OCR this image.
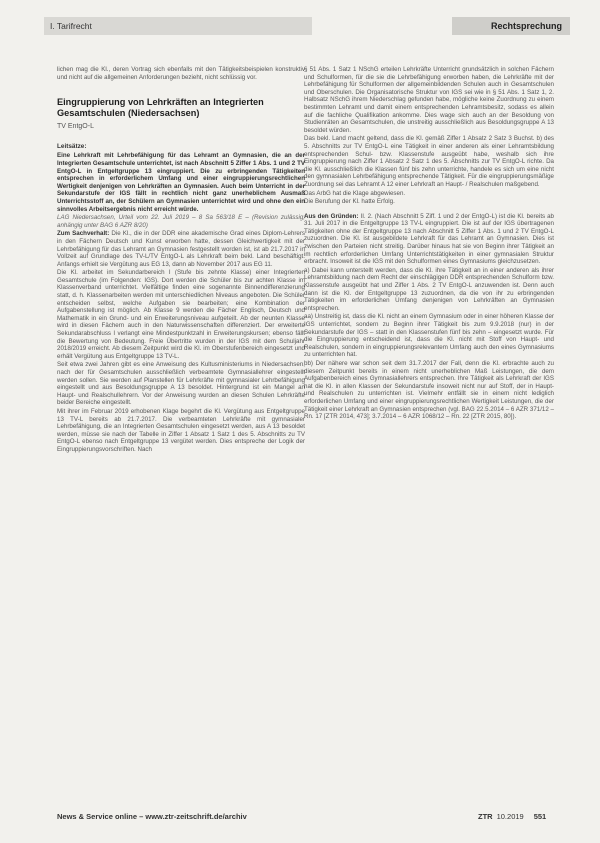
I. Tarifrecht	Rechtsprechung

lichen mag die Kl., deren Vortrag sich ebenfalls mit den Tätigkeitsbeispielen konstruktiv und nicht auf die allgemeinen Anforderungen bezieht, nicht schlüssig vor.

Eingruppierung von Lehrkräften an Integrierten Gesamtschulen (Niedersachsen)
TV EntgO-L
Leitsätze:

Eine Lehrkraft mit Lehrbefähigung für das Lehramt an Gymnasien, die an der Integrierten Gesamtschule unterrichtet, ist nach Abschnitt 5 Ziffer 1 Abs. 1 und 2 TV EntgO-L in Entgeltgruppe 13 eingruppiert. Die zu erbringenden Tätigkeiten entsprechen in erforderlichem Umfang und einer eingruppierungsrechtlichen Wertigkeit denjenigen von Lehrkräften an Gymnasien. Auch beim Unterricht in der Sekundarstufe der IGS fällt in rechtlich nicht ganz unerheblichem Ausmaß Unterrichtsstoff an, der Schülern an Gymnasien unterrichtet wird und ohne den ein sinnvolles Arbeitsergebnis nicht erreicht würde.

LAG Niedersachsen, Urteil vom 22. Juli 2019 – 8 Sa 563/18 E – (Revision zulässig; anhängig unter BAG 6 AZR 8/20)

Zum Sachverhalt: Die Kl., die in der DDR eine akademische Grad eines Diplom-Lehrers in den Fächern Deutsch und Kunst erworben hatte, dessen Gleichwertigkeit mit der Lehrbefähigung für das Lehramt an Gymnasien festgestellt worden ist, ist ab 21.7.2017 in Vollzeit auf Grundlage des TV-L/TV EntgO-L als Lehrkraft beim bekl. Land beschäftigt. Anfangs erhielt sie Vergütung aus EG 13, dann ab November 2017 aus EG 11.

Die Kl. arbeitet im Sekundarbereich I (Stufe bis zehnte Klasse) einer Integrierten Gesamtschule (im Folgenden: IGS). Dort werden die Schüler bis zur achten Klasse im Klassenverband unterrichtet. Vielfältige finden eine sogenannte Binnendifferenzierung statt, d. h. Klassenarbeiten werden mit unterschiedlichen Niveaus angeboten. Die Schüler entscheiden selbst, welche Aufgaben sie bearbeiten; eine Kombination der Aufgabenstellung ist möglich. Ab Klasse 9 werden die Fächer Englisch, Deutsch und Mathematik in ein Grund- und ein Erweiterungsniveau aufgeteilt. Ab der neunten Klasse wird in diesen Fächern auch in den Naturwissenschaften differenziert. Der erweiterte Sekundarabschluss I verlangt eine Mindestpunktzahl in Erweiterungskursen; ebenso fällt die Bewertung von Bedeutung. Freie Übertritte wurden in der IGS mit dem Schuljahr 2018/2019 erreicht. Ab diesem Zeitpunkt wird die Kl. im Oberstufenbereich eingesetzt und erhält Vergütung aus Entgeltgruppe 13 TV-L.

Seit etwa zwei Jahren gibt es eine Anweisung des Kultusministeriums in Niedersachsen, nach der für Gesamtschulen ausschließlich verbeamtete Gymnasiallehrer eingestellt werden sollen. Sie werden auf Planstellen für Lehrkräfte mit gymnasialer Lehrbefähigung eingestellt und aus Besoldungsgruppe A 13 besoldet. Hintergrund ist ein Mangel an Haupt- und Realschullehrern. Vor der Anweisung wurden an diesen Schulen Lehrkräfte beider Bereiche eingestellt.

Mit ihrer im Februar 2019 erhobenen Klage begehrt die Kl. Vergütung aus Entgeltgruppe 13 TV-L bereits ab 21.7.2017. Die verbeamteten Lehrkräfte mit gymnasialer Lehrbefähigung, die an Integrierten Gesamtschulen eingesetzt werden, aus A 13 besoldet werden, müsse sie nach der Tabelle in Ziffer 1 Absatz 1 Satz 1 des 5. Abschnitts zu TV EntgO-L ebenso nach Entgeltgruppe 13 vergütet werden. Dies entspreche der Logik der Eingruppierungsvorschriften. Nach

§ 51 Abs. 1 Satz 1 NSchG erteilen Lehrkräfte Unterricht grundsätzlich in solchen Fächern und Schulformen, für die sie die Lehrbefähigung erworben haben, die Lehrkräfte mit der Lehrbefähigung für Schulformen der allgemeinbildenden Schulen auch in Gesamtschulen und Oberschulen. Die Organisatorische Struktur von IGS sei wie in § 51 Abs. 1 Satz 1, 2. Halbsatz NSchG ihrem Niederschlag gefunden habe, mögliche keine Zuordnung zu einem bestimmten Lehramt und damit einem entsprechenden Lehramtsbesitz, sodass es allein auf die fachliche Qualifikation ankomme. Dies wage sich auch an der Besoldung von Studienräten an Gesamtschulen, die unstreitig ausschließlich aus Besoldungsgruppe A 13 besoldet würden.

Das bekl. Land macht geltend, dass die Kl. gemäß Ziffer 1 Absatz 2 Satz 3 Buchst. b) des 5. Abschnitts zur TV EntgO-L eine Tätigkeit in einer anderen als einer Lehramtsbildung entsprechenden Schul- bzw. Klassenstufe ausgeübt habe, weshalb sich ihre Eingruppierung nach Ziffer 1 Absatz 2 Satz 1 des 5. Abschnitts zur TV EntgO-L richte. Da die Kl. ausschließlich die Klassen fünf bis zehn unterrichte, handele es sich um eine nicht den gymnasialen Lehrbefähigung entsprechende Tätigkeit. Für die eingruppierungsmäßige Zuordnung sei das Lehramt A 12 einer Lehrkraft an Haupt- / Realschulen maßgebend.

Das ArbG hat die Klage abgewiesen.

Die Berufung der Kl. hatte Erfolg.

Aus den Gründen: II. 2. (Nach Abschnitt 5 Ziff. 1 und 2 der EntgO-L) ist die Kl. bereits ab 31. Juli 2017 in die Entgeltgruppe 13 TV-L eingruppiert. Die ist auf der IGS übertragenen Tätigkeiten ohne der Entgeltgruppe 13 nach Abschnitt 5 Ziffer 1 Abs. 1 und 2 TV EntgO-L zuzuordnen. Die Kl. ist ausgebildete Lehrkraft für das Lehramt an Gymnasien. Dies ist zwischen den Parteien nicht streitig. Darüber hinaus hat sie von Beginn ihrer Tätigkeit an im rechtlich erforderlichen Umfang Unterrichtstätigkeiten in einer gymnasialen Struktur erbracht. Insoweit ist die IGS mit den Schulformen eines Gymnasiums gleichzusetzen.

a) Dabei kann unterstellt werden, dass die Kl. ihre Tätigkeit an in einer anderen als ihrer Lehramtsbildung nach dem Recht der einschlägigen DDR entsprechenden Schulform bzw. Klassenstufe ausgeübt hat und Ziffer 1 Abs. 2 TV EntgO-L anzuwenden ist. Denn auch dann ist die Kl. der Entgeltgruppe 13 zuzuordnen, da die von ihr zu erbringenden Tätigkeiten im erforderlichen Umfang denjenigen von Lehrkräften an Gymnasien entsprechen.

aa) Unstreitig ist, dass die Kl. nicht an einem Gymnasium oder in einer höheren Klasse der IGS unterrichtet, sondern zu Beginn ihrer Tätigkeit bis zum 9.9.2018 (nur) in der Sekundarstufe der IGS – statt in den Klassenstufen fünf bis zehn – eingesetzt wurde. Für die Eingruppierung entscheidend ist, dass die Kl. nicht mit Stoff von Haupt- und Realschulen, sondern in eingruppierungsrelevantem Umfang auch den eines Gymnasiums zu unterrichten hat.

bb) Der nähere war schon seit dem 31.7.2017 der Fall, denn die Kl. erbrachte auch zu diesem Zeitpunkt bereits in einem nicht unerheblichen Maß Leistungen, die dem Aufgabenbereich eines Gymnasiallehrers entsprechen. Ihre Tätigkeit als Lehrkraft der IGS hat die Kl. in allen Klassen der Sekundarstufe insoweit nicht nur auf Stoff, der in Haupt- und Realschulen zu unterrichten ist. Vielmehr entfällt sie in einem nicht lediglich erforderlichen Umfang und einer eingruppierungsrechtlichen Wertigkeit Leistungen, die der Tätigkeit einer Lehrkraft an Gymnasien entsprechen (vgl. BAG 22.5.2014 – 6 AZR 371/12 – Rn. 17 [ZTR 2014, 473]; 3.7.2014 – 6 AZR 1068/12 – Rn. 22 [ZTR 2015, 80]).

News & Service online – www.ztr-zeitschrift.de/archiv	ZTR 10.2019 551
